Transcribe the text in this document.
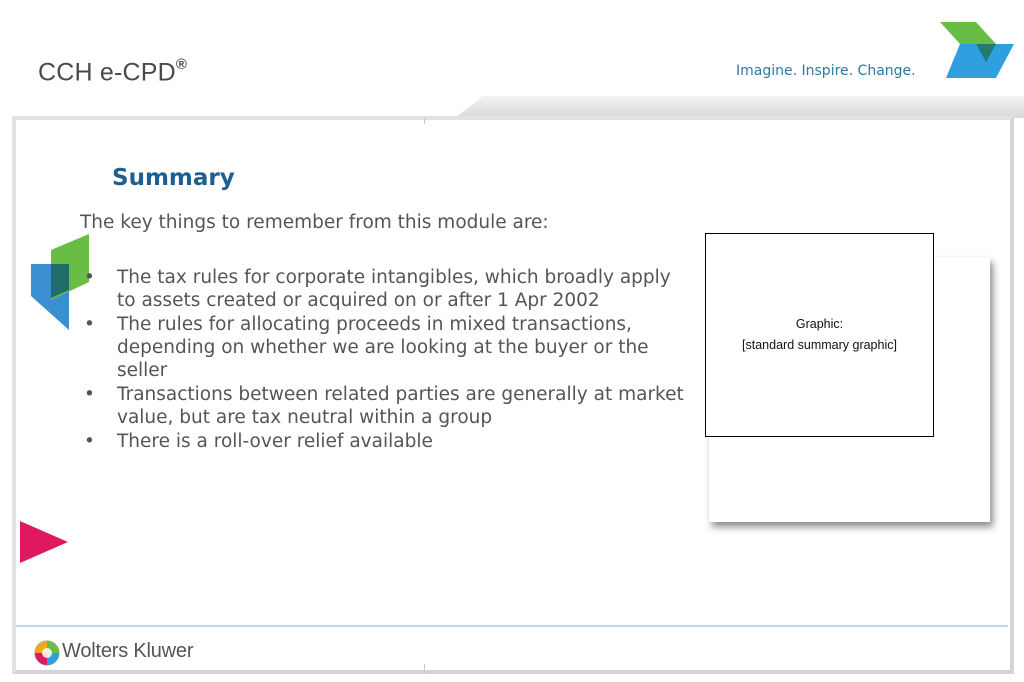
CCH e-CPD®	Imagine. Inspire. Change.
Summary

The key things to remember from this module are:

• The tax rules for corporate intangibles, which broadly apply to assets created or acquired on or after 1 Apr 2002
• The rules for allocating proceeds in mixed transactions, depending on whether we are looking at the buyer or the seller
• Transactions between related parties are generally at market value, but are tax neutral within a group
• There is a roll-over relief available
Graphic:
[standard summary graphic]
Wolters Kluwer
